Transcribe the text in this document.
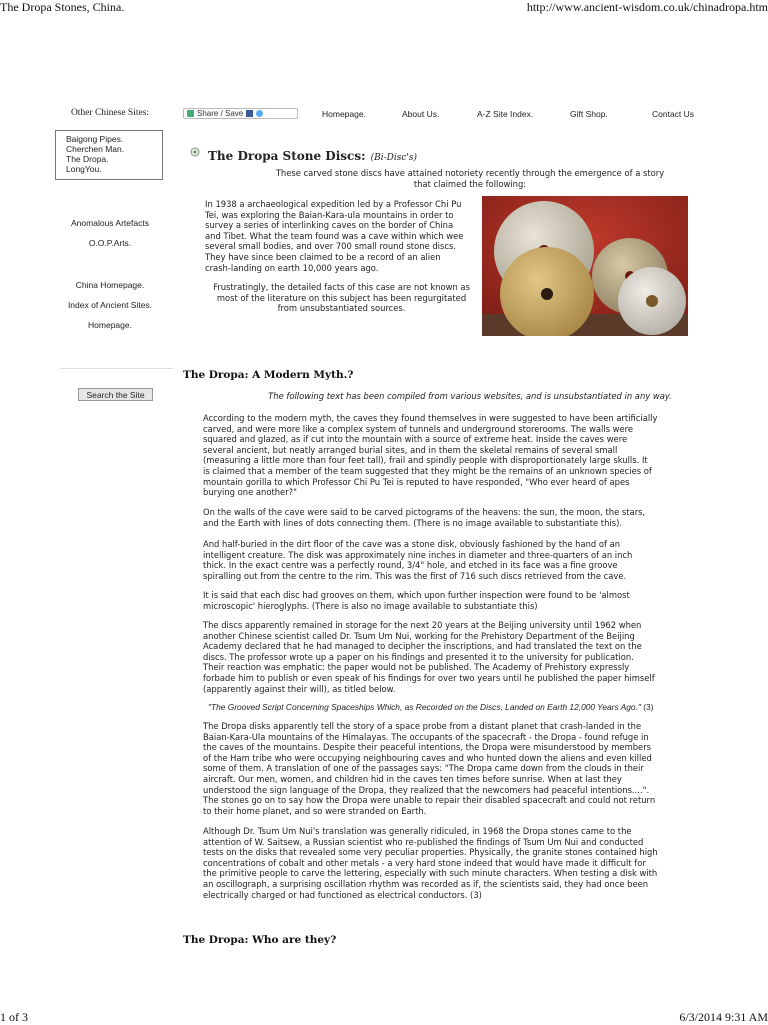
The Dropa Stones, China.	http://www.ancient-wisdom.co.uk/chinadropa.htm
Other Chinese Sites:
Baigong Pipes.
Cherchen Man.
The Dropa.
LongYou.
Anomalous Artefacts
O.O.P.Arts.
China Homepage.
Index of Ancient Sites.
Homepage.
Search the Site
Share / Save	Homepage.	About Us.	A-Z Site Index.	Gift Shop.	Contact Us
The Dropa Stone Discs: (Bi-Disc's)
These carved stone discs have attained notoriety recently through the emergence of a story
that claimed the following:
In 1938 a archaeological expedition led by a Professor Chi Pu
Tei, was exploring the Baian-Kara-ula mountains in order to
survey a series of interlinking caves on the border of China
and Tibet. What the team found was a cave within which wee
several small bodies, and over 700 small round stone discs.
They have since been claimed to be a record of an alien
crash-landing on earth 10,000 years ago.
Frustratingly, the detailed facts of this case are not known as
most of the literature on this subject has been regurgitated
from unsubstantiated sources.
The Dropa: A Modern Myth.?
The following text has been compiled from various websites, and is unsubstantiated in any way.
According to the modern myth, the caves they found themselves in were suggested to have been artificially
carved, and were more like a complex system of tunnels and underground storerooms. The walls were
squared and glazed, as if cut into the mountain with a source of extreme heat. Inside the caves were
several ancient, but neatly arranged burial sites, and in them the skeletal remains of several small
(measuring a little more than four feet tall), frail and spindly people with disproportionately large skulls. It
is claimed that a member of the team suggested that they might be the remains of an unknown species of
mountain gorilla to which Professor Chi Pu Tei is reputed to have responded, "Who ever heard of apes
burying one another?"
On the walls of the cave were said to be carved pictograms of the heavens: the sun, the moon, the stars,
and the Earth with lines of dots connecting them. (There is no image available to substantiate this).
And half-buried in the dirt floor of the cave was a stone disk, obviously fashioned by the hand of an
intelligent creature. The disk was approximately nine inches in diameter and three-quarters of an inch
thick. In the exact centre was a perfectly round, 3/4" hole, and etched in its face was a fine groove
spiralling out from the centre to the rim. This was the first of 716 such discs retrieved from the cave.
It is said that each disc had grooves on them, which upon further inspection were found to be 'almost
microscopic' hieroglyphs. (There is also no image available to substantiate this)
The discs apparently remained in storage for the next 20 years at the Beijing university until 1962 when
another Chinese scientist called Dr. Tsum Um Nui, working for the Prehistory Department of the Beijing
Academy declared that he had managed to decipher the inscriptions, and had translated the text on the
discs. The professor wrote up a paper on his findings and presented it to the university for publication.
Their reaction was emphatic: the paper would not be published. The Academy of Prehistory expressly
forbade him to publish or even speak of his findings for over two years until he published the paper himself
(apparently against their will), as titled below.
"The Grooved Script Concerning Spaceships Which, as Recorded on the Discs, Landed on Earth 12,000 Years Ago." (3)
The Dropa disks apparently tell the story of a space probe from a distant planet that crash-landed in the
Baian-Kara-Ula mountains of the Himalayas. The occupants of the spacecraft - the Dropa - found refuge in
the caves of the mountains. Despite their peaceful intentions, the Dropa were misunderstood by members
of the Ham tribe who were occupying neighbouring caves and who hunted down the aliens and even killed
some of them. A translation of one of the passages says: "The Dropa came down from the clouds in their
aircraft. Our men, women, and children hid in the caves ten times before sunrise. When at last they
understood the sign language of the Dropa, they realized that the newcomers had peaceful intentions....".
The stones go on to say how the Dropa were unable to repair their disabled spacecraft and could not return
to their home planet, and so were stranded on Earth.
Although Dr. Tsum Um Nui's translation was generally ridiculed, in 1968 the Dropa stones came to the
attention of W. Saitsew, a Russian scientist who re-published the findings of Tsum Um Nui and conducted
tests on the disks that revealed some very peculiar properties. Physically, the granite stones contained high
concentrations of cobalt and other metals - a very hard stone indeed that would have made it difficult for
the primitive people to carve the lettering, especially with such minute characters. When testing a disk with
an oscillograph, a surprising oscillation rhythm was recorded as if, the scientists said, they had once been
electrically charged or had functioned as electrical conductors. (3)
The Dropa: Who are they?
1 of 3	6/3/2014 9:31 AM
